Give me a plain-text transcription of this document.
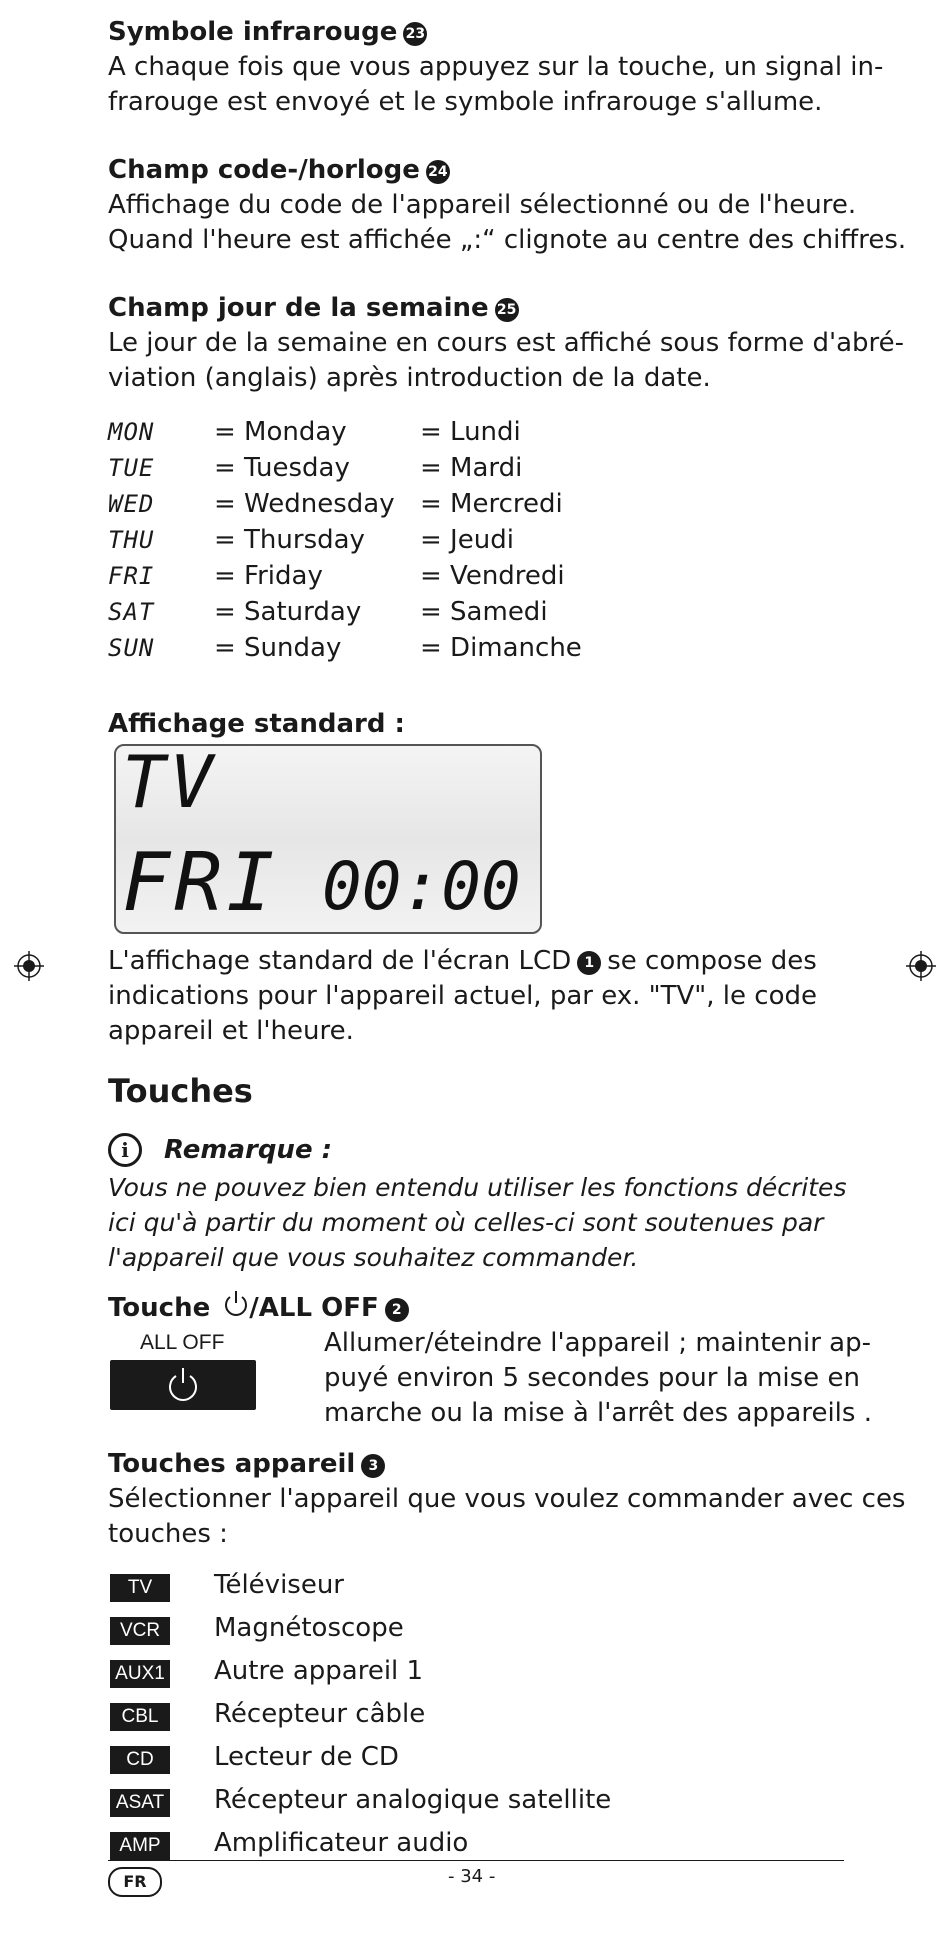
Symbole infrarouge 23
A chaque fois que vous appuyez sur la touche, un signal in-
frarouge est envoyé et le symbole infrarouge s'allume.
Champ code-/horloge 24
Affichage du code de l'appareil sélectionné ou de l'heure.
Quand l'heure est affichée „:“ clignote au centre des chiffres.
Champ jour de la semaine 25
Le jour de la semaine en cours est affiché sous forme d'abré-
viation (anglais) après introduction de la date.
MON = Monday	= Lundi
TUE = Tuesday	= Mardi
WED = Wednesday = Mercredi
THU = Thursday = Jeudi
FRI = Friday	= Vendredi
SAT = Saturday = Samedi
SUN = Sunday	= Dimanche
Affichage standard :
TV
FRI 00:00
L'affichage standard de l'écran LCD 1 se compose des
indications pour l'appareil actuel, par ex. "TV", le code
appareil et l'heure.
Touches
i	Remarque :
Vous ne pouvez bien entendu utiliser les fonctions décrites
ici qu'à partir du moment où celles-ci sont soutenues par
l'appareil que vous souhaitez commander.
Touche /ALL OFF 2
ALL OFF	Allumer/éteindre l'appareil ; maintenir ap-
puyé environ 5 secondes pour la mise en
marche ou la mise à l'arrêt des appareils .
Touches appareil 3
Sélectionner l'appareil que vous voulez commander avec ces
touches :
TV	Téléviseur
VCR	Magnétoscope
AUX1 Autre appareil 1
CBL	Récepteur câble
CD	Lecteur de CD
ASAT Récepteur analogique satellite
AMP	Amplificateur audio
FR	- 34 -
